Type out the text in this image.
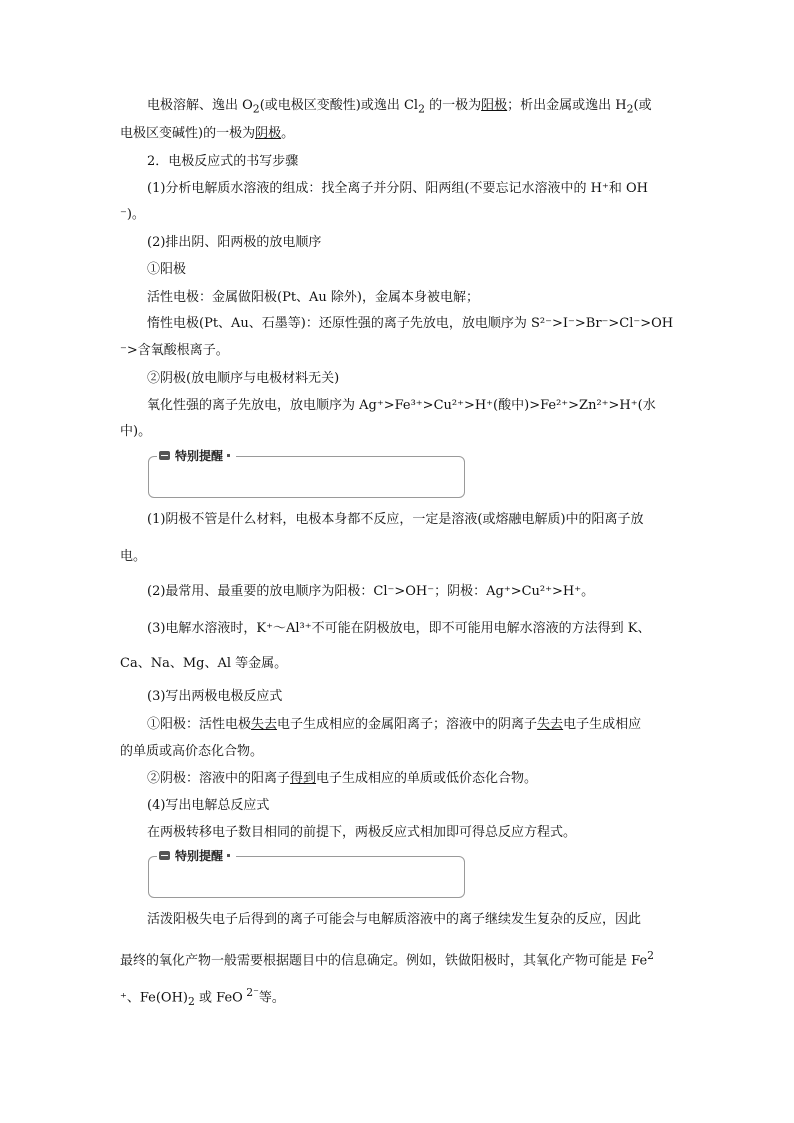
电极溶解、逸出 $O_2$(或电极区变酸性)或逸出 $Cl_2$ 的一极为阳极；析出金属或逸出 $H_2$(或
电极区变碱性)的一极为阴极。
2．电极反应式的书写步骤
(1)分析电解质水溶液的组成：找全离子并分阴、阳两组(不要忘记水溶液中的 H⁺和 OH
⁻)。
(2)排出阴、阳两极的放电顺序
①阳极
活性电极：金属做阳极(Pt、Au 除外)，金属本身被电解；
惰性电极(Pt、Au、石墨等)：还原性强的离子先放电，放电顺序为 S²⁻>I⁻>Br⁻>Cl⁻>OH
⁻>含氧酸根离子。
②阴极(放电顺序与电极材料无关)
氧化性强的离子先放电，放电顺序为 Ag⁺>Fe³⁺>Cu²⁺>H⁺(酸中)>Fe²⁺>Zn²⁺>H⁺(水
中)。
特别提醒
(1)阴极不管是什么材料，电极本身都不反应，一定是溶液(或熔融电解质)中的阳离子放
电。
(2)最常用、最重要的放电顺序为阳极：Cl⁻>OH⁻；阴极：Ag⁺>Cu²⁺>H⁺。
(3)电解水溶液时，K⁺～Al³⁺不可能在阴极放电，即不可能用电解水溶液的方法得到 K、
Ca、Na、Mg、Al 等金属。
(3)写出两极电极反应式
①阳极：活性电极失去电子生成相应的金属阳离子；溶液中的阴离子失去电子生成相应
的单质或高价态化合物。
②阴极：溶液中的阳离子得到电子生成相应的单质或低价态化合物。
(4)写出电解总反应式
在两极转移电子数目相同的前提下，两极反应式相加即可得总反应方程式。
特别提醒
活泼阳极失电子后得到的离子可能会与电解质溶液中的离子继续发生复杂的反应，因此
最终的氧化产物一般需要根据题目中的信息确定。例如，铁做阳极时，其氧化产物可能是 Fe$^2$
⁺、$Fe(OH)_2$ 或 FeO $^{2^-}$等。
